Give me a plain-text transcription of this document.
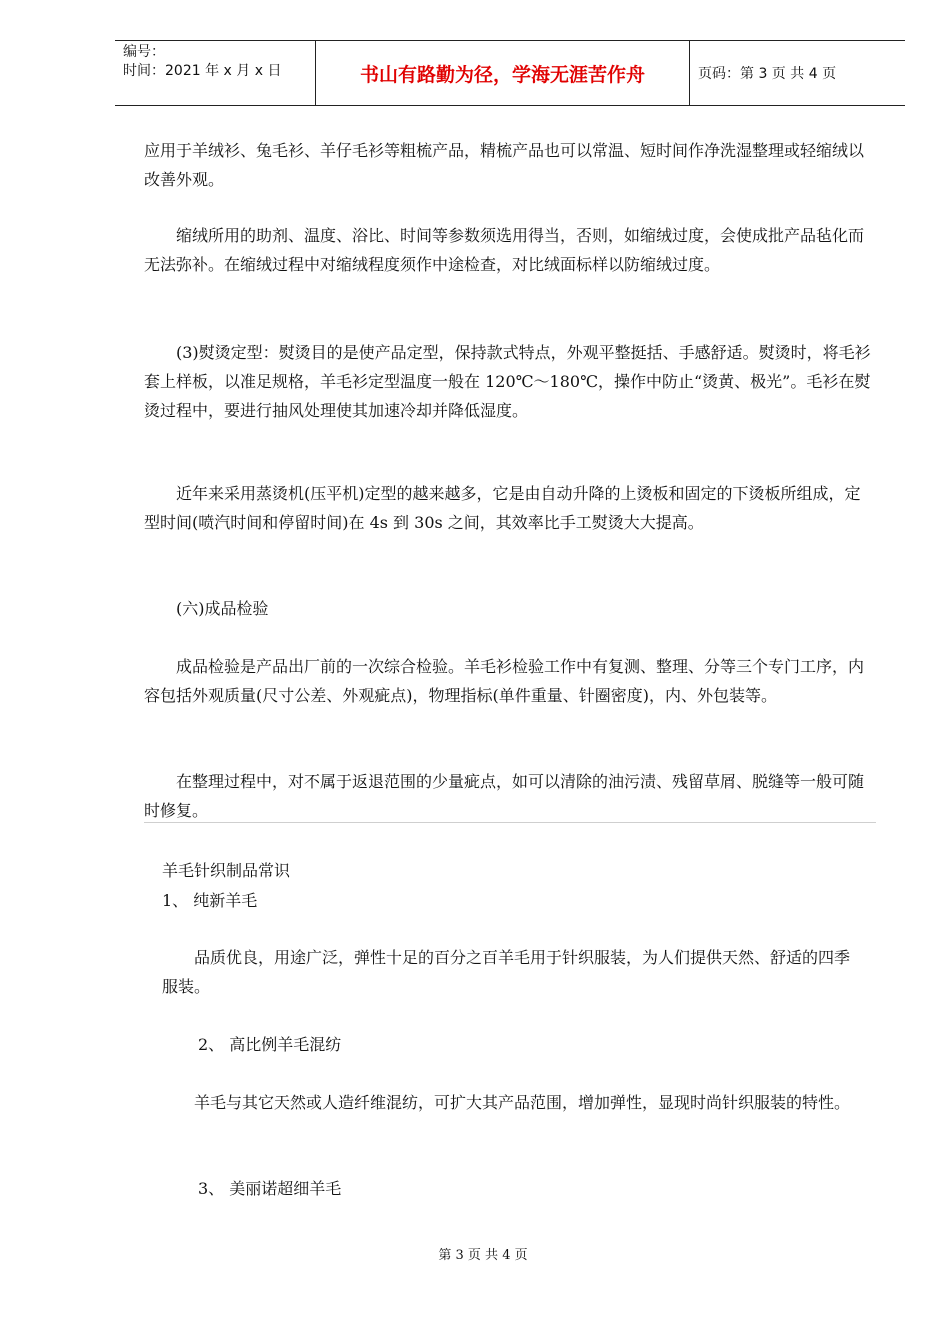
编号：
时间：2021 年 x 月 x 日	书山有路勤为径，学海无涯苦作舟	页码：第 3 页 共 4 页

应用于羊绒衫、兔毛衫、羊仔毛衫等粗梳产品，精梳产品也可以常温、短时间作净洗湿整理或轻缩绒以改善外观。

　　缩绒所用的助剂、温度、浴比、时间等参数须选用得当，否则，如缩绒过度，会使成批产品毡化而无法弥补。在缩绒过程中对缩绒程度须作中途检查，对比绒面标样以防缩绒过度。

　　(3)熨烫定型：熨烫目的是使产品定型，保持款式特点，外观平整挺括、手感舒适。熨烫时，将毛衫套上样板，以准足规格，羊毛衫定型温度一般在 120℃～180℃，操作中防止“烫黄、极光”。毛衫在熨烫过程中，要进行抽风处理使其加速冷却并降低湿度。

　　近年来采用蒸烫机(压平机)定型的越来越多，它是由自动升降的上烫板和固定的下烫板所组成，定型时间(喷汽时间和停留时间)在 4s 到 30s 之间，其效率比手工熨烫大大提高。

　　(六)成品检验

　　成品检验是产品出厂前的一次综合检验。羊毛衫检验工作中有复测、整理、分等三个专门工序，内容包括外观质量(尺寸公差、外观疵点)，物理指标(单件重量、针圈密度)，内、外包装等。

　　在整理过程中，对不属于返退范围的少量疵点，如可以清除的油污渍、残留草屑、脱缝等一般可随时修复。

羊毛针织制品常识

1、 纯新羊毛

　　品质优良，用途广泛，弹性十足的百分之百羊毛用于针织服装，为人们提供天然、舒适的四季服装。

2、 高比例羊毛混纺

　　羊毛与其它天然或人造纤维混纺，可扩大其产品范围，增加弹性，显现时尚针织服装的特性。

3、 美丽诺超细羊毛

第 3 页 共 4 页
